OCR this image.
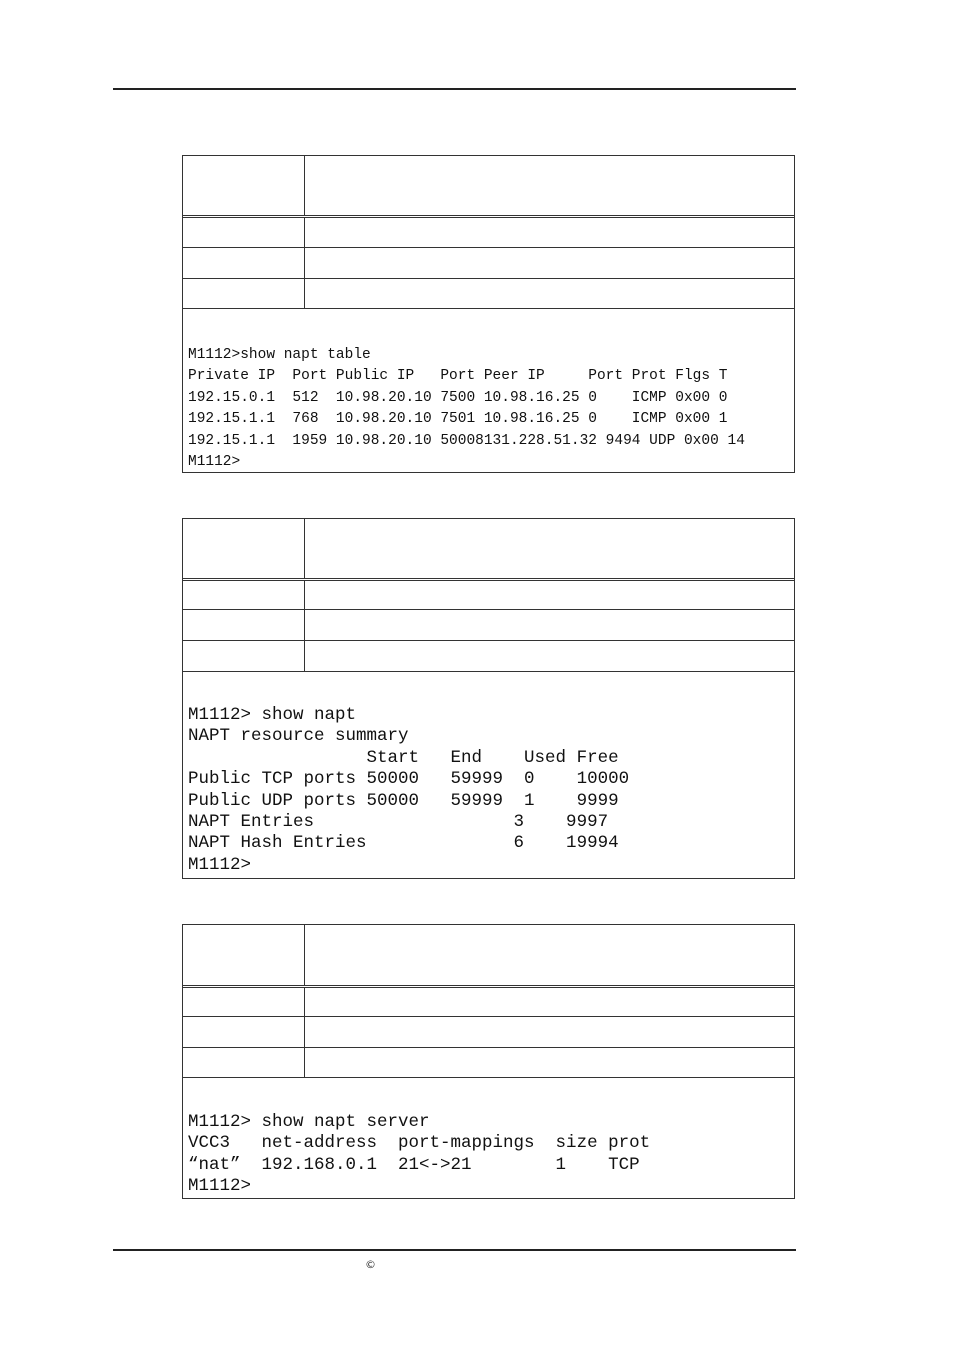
M1112>show napt table
Private IP  Port Public IP   Port Peer IP     Port Prot Flgs T
192.15.0.1  512  10.98.20.10 7500 10.98.16.25 0    ICMP 0x00 0
192.15.1.1  768  10.98.20.10 7501 10.98.16.25 0    ICMP 0x00 1
192.15.1.1  1959 10.98.20.10 50008131.228.51.32 9494 UDP 0x00 14
M1112>
M1112> show napt
NAPT resource summary
Start   End    Used Free
Public TCP ports 50000   59999  0    10000
Public UDP ports 50000   59999  1    9999
NAPT Entries                   3    9997
NAPT Hash Entries              6    19994
M1112>
M1112> show napt server
VCC3   net-address  port-mappings  size prot
“nat”  192.168.0.1  21<->21        1    TCP
M1112>
©
